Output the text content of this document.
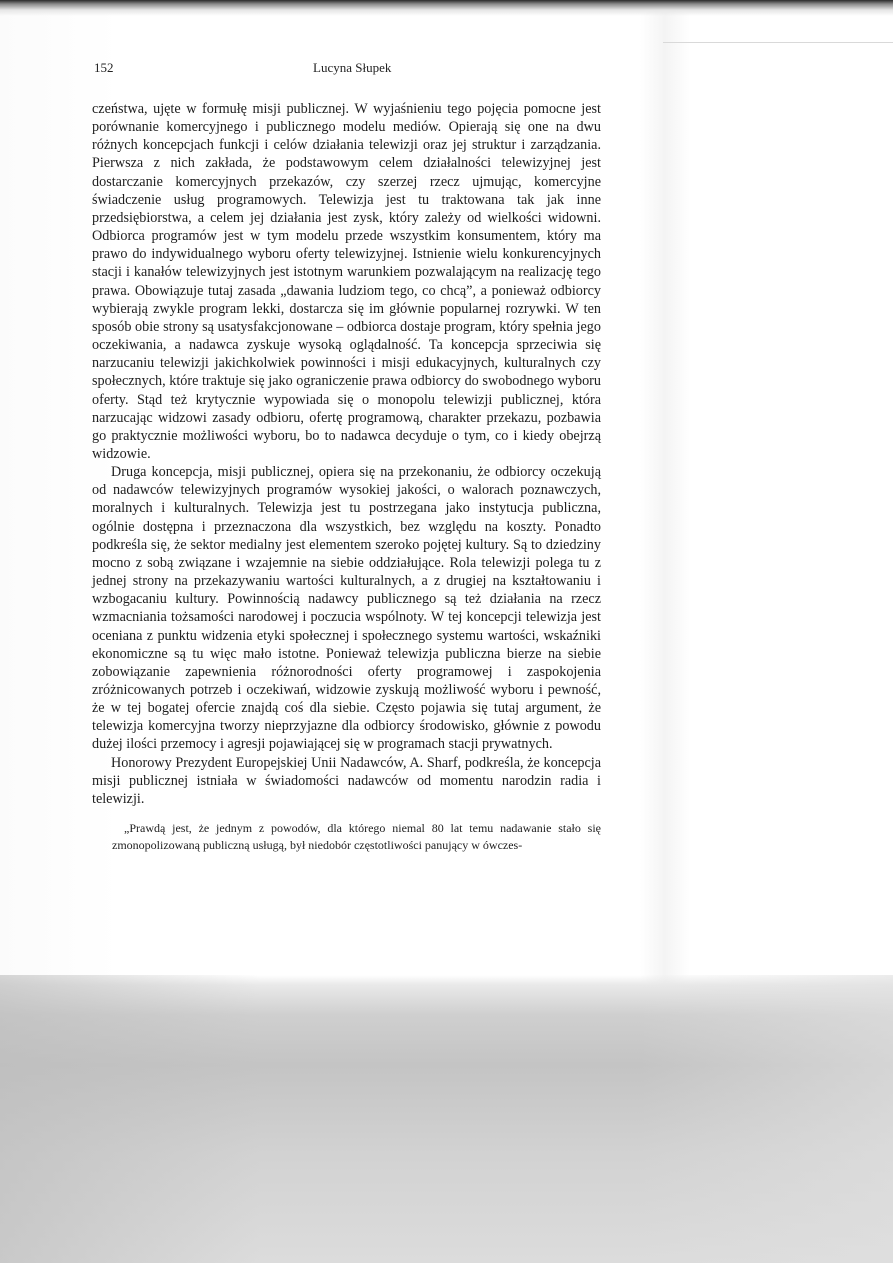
152	Lucyna Słupek

czeństwa, ujęte w formułę misji publicznej. W wyjaśnieniu tego pojęcia pomocne jest porównanie komercyjnego i publicznego modelu mediów. Opierają się one na dwu różnych koncepcjach funkcji i celów działania telewizji oraz jej struktur i zarządzania. Pierwsza z nich zakłada, że podstawowym celem działalności telewizyjnej jest dostarczanie komercyjnych przekazów, czy szerzej rzecz ujmując, komercyjne świadczenie usług programowych. Telewizja jest tu traktowana tak jak inne przedsiębiorstwa, a celem jej działania jest zysk, który zależy od wielkości widowni. Odbiorca programów jest w tym modelu przede wszystkim konsumentem, który ma prawo do indywidualnego wyboru oferty telewizyjnej. Istnienie wielu konkurencyjnych stacji i kanałów telewizyjnych jest istotnym warunkiem pozwalającym na realizację tego prawa. Obowiązuje tutaj zasada „dawania ludziom tego, co chcą”, a ponieważ odbiorcy wybierają zwykle program lekki, dostarcza się im głównie popularnej rozrywki. W ten sposób obie strony są usatysfakcjonowane – odbiorca dostaje program, który spełnia jego oczekiwania, a nadawca zyskuje wysoką oglądalność. Ta koncepcja sprzeciwia się narzucaniu telewizji jakichkolwiek powinności i misji edukacyjnych, kulturalnych czy społecznych, które traktuje się jako ograniczenie prawa odbiorcy do swobodnego wyboru oferty. Stąd też krytycznie wypowiada się o monopolu telewizji publicznej, która narzucając widzowi zasady odbioru, ofertę programową, charakter przekazu, pozbawia go praktycznie możliwości wyboru, bo to nadawca decyduje o tym, co i kiedy obejrzą widzowie.

Druga koncepcja, misji publicznej, opiera się na przekonaniu, że odbiorcy oczekują od nadawców telewizyjnych programów wysokiej jakości, o walorach poznawczych, moralnych i kulturalnych. Telewizja jest tu postrzegana jako instytucja publiczna, ogólnie dostępna i przeznaczona dla wszystkich, bez względu na koszty. Ponadto podkreśla się, że sektor medialny jest elementem szeroko pojętej kultury. Są to dziedziny mocno z sobą związane i wzajemnie na siebie oddziałujące. Rola telewizji polega tu z jednej strony na przekazywaniu wartości kulturalnych, a z drugiej na kształtowaniu i wzbogacaniu kultury. Powinnością nadawcy publicznego są też działania na rzecz wzmacniania tożsamości narodowej i poczucia wspólnoty. W tej koncepcji telewizja jest oceniana z punktu widzenia etyki społecznej i społecznego systemu wartości, wskaźniki ekonomiczne są tu więc mało istotne. Ponieważ telewizja publiczna bierze na siebie zobowiązanie zapewnienia różnorodności oferty programowej i zaspokojenia zróżnicowanych potrzeb i oczekiwań, widzowie zyskują możliwość wyboru i pewność, że w tej bogatej ofercie znajdą coś dla siebie. Często pojawia się tutaj argument, że telewizja komercyjna tworzy nieprzyjazne dla odbiorcy środowisko, głównie z powodu dużej ilości przemocy i agresji pojawiającej się w programach stacji prywatnych.

Honorowy Prezydent Europejskiej Unii Nadawców, A. Sharf, podkreśla, że koncepcja misji publicznej istniała w świadomości nadawców od momentu narodzin radia i telewizji.

„Prawdą jest, że jednym z powodów, dla którego niemal 80 lat temu nadawanie stało się zmonopolizowaną publiczną usługą, był niedobór częstotliwości panujący w ówczes-
